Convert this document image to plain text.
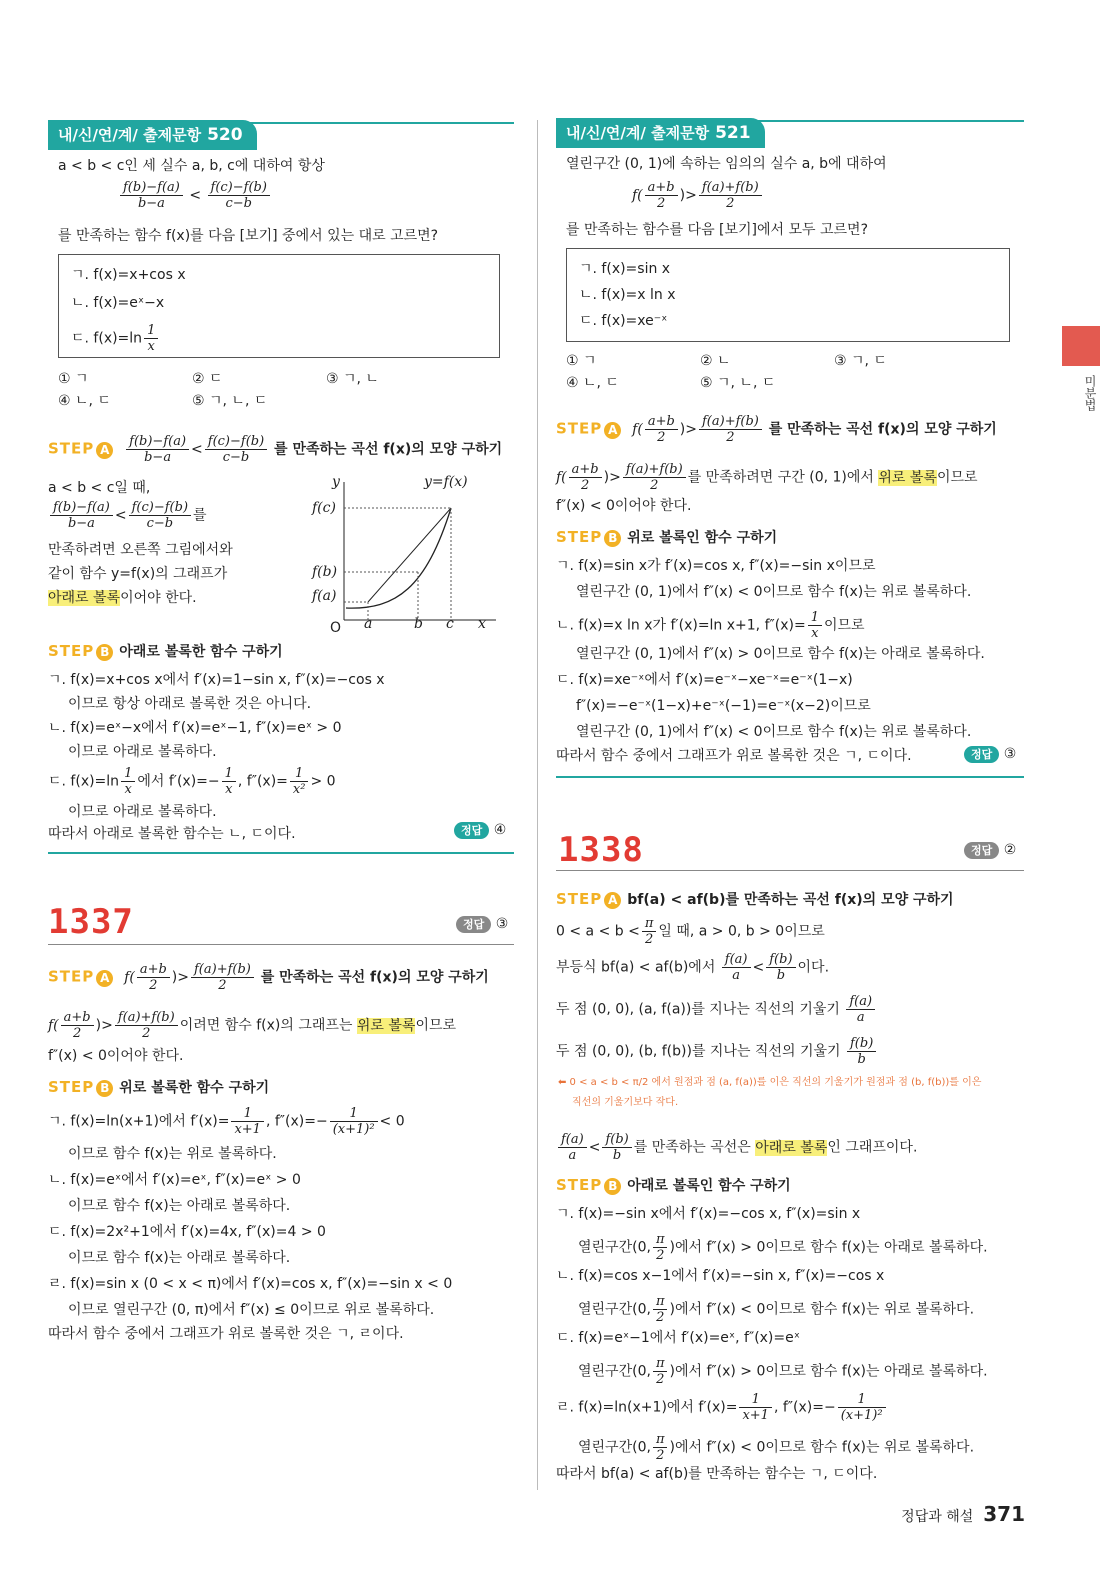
내/신/연/계/ 출제문항 520
a < b < c인 세 실수 a, b, c에 대하여 항상
$\frac{f(b)-f(a)}{b-a} < \frac{f(c)-f(b)}{c-b}$
를 만족하는 함수 f(x)를 다음 [보기] 중에서 있는 대로 고르면?
ㄱ. f(x)=x+cos x
ㄴ. f(x)=eˣ−x
ㄷ. $f(x)=\ln \frac{1}{x}$
① ㄱ	② ㄷ	③ ㄱ, ㄴ
④ ㄴ, ㄷ	⑤ ㄱ, ㄴ, ㄷ
STEP A $\frac{f(b)-f(a)}{b-a} < \frac{f(c)-f(b)}{c-b}$ 를 만족하는 곡선 f(x)의 모양 구하기
a < b < c일 때,
$\frac{f(b)-f(a)}{b-a} < \frac{f(c)-f(b)}{c-b}$ 를
만족하려면 오른쪽 그림에서와
같이 함수 y=f(x)의 그래프가
아래로 볼록이어야 한다.
y	y=f(x)
f(c)
f(b)
f(a)
O a	b c x
STEP B 아래로 볼록한 함수 구하기
ㄱ. f(x)=x+cos x에서 f′(x)=1−sin x, f″(x)=−cos x
이므로 항상 아래로 볼록한 것은 아니다.
ㄴ. f(x)=eˣ−x에서 f′(x)=eˣ−1, f″(x)=eˣ > 0
이므로 아래로 볼록하다.
ㄷ. $f(x)=\ln \frac{1}{x}$ 에서 $f'(x)=- \frac{1}{x}$ , $f''(x)= \frac{1}{\text{x²}} > 0$
이므로 아래로 볼록하다.
따라서 아래로 볼록한 함수는 ㄴ, ㄷ이다.	정답 ④
1337	정답 ③
STEP A $f( \frac{a+b}{2}$ )> $\frac{f(a)+f(b)}{2}$ 를 만족하는 곡선 f(x)의 모양 구하기
$f( \frac{a+b}{2}$ )> $\frac{f(a)+f(b)}{2}$ 이려면 함수 f(x)의 그래프는 위로 볼록이므로
f″(x) < 0이어야 한다.
STEP B 위로 볼록한 함수 구하기
ㄱ. f(x)=ln(x+1)에서 $f'(x)= \frac{1}{x+1}$ , $f''(x)=- \frac{1}{\text{(x+1)²}} < 0$
이므로 함수 f(x)는 위로 볼록하다.
ㄴ. f(x)=eˣ에서 f′(x)=eˣ, f″(x)=eˣ > 0
이므로 함수 f(x)는 아래로 볼록하다.
ㄷ. f(x)=2x²+1에서 f′(x)=4x, f″(x)=4 > 0
이므로 함수 f(x)는 아래로 볼록하다.
ㄹ. f(x)=sin x (0 < x < π)에서 f′(x)=cos x, f″(x)=−sin x < 0
이므로 열린구간 (0, π)에서 f″(x) ≤ 0이므로 위로 볼록하다.
따라서 함수 중에서 그래프가 위로 볼록한 것은 ㄱ, ㄹ이다.
내/신/연/계/ 출제문항 521
열린구간 (0, 1)에 속하는 임의의 실수 a, b에 대하여
$f( \frac{a+b}{2}$ )> $\frac{f(a)+f(b)}{2}$
를 만족하는 함수를 다음 [보기]에서 모두 고르면?
ㄱ. f(x)=sin x
ㄴ. f(x)=x ln x
ㄷ. f(x)=xe⁻ˣ
① ㄱ	② ㄴ	③ ㄱ, ㄷ
④ ㄴ, ㄷ	⑤ ㄱ, ㄴ, ㄷ
STEP A $f( \frac{a+b}{2}$ )> $\frac{f(a)+f(b)}{2}$ 를 만족하는 곡선 f(x)의 모양 구하기
$f( \frac{a+b}{2}$ )> $\frac{f(a)+f(b)}{2}$ 를 만족하려면 구간 (0, 1)에서 위로 볼록이므로
f″(x) < 0이어야 한다.
STEP B 위로 볼록인 함수 구하기
ㄱ. f(x)=sin x가 f′(x)=cos x, f″(x)=−sin x이므로
열린구간 (0, 1)에서 f″(x) < 0이므로 함수 f(x)는 위로 볼록하다.
ㄴ. f(x)=x ln x가 f′(x)=ln x+1, $f''(x)= \frac{1}{x}$ 이므로
열린구간 (0, 1)에서 f″(x) > 0이므로 함수 f(x)는 아래로 볼록하다.
ㄷ. f(x)=xe⁻ˣ에서 f′(x)=e⁻ˣ−xe⁻ˣ=e⁻ˣ(1−x)
f″(x)=−e⁻ˣ(1−x)+e⁻ˣ(−1)=e⁻ˣ(x−2)이므로
열린구간 (0, 1)에서 f″(x) < 0이므로 함수 f(x)는 위로 볼록하다.
따라서 함수 중에서 그래프가 위로 볼록한 것은 ㄱ, ㄷ이다.	정답 ③
1338	정답 ②
STEP A bf(a) < af(b)를 만족하는 곡선 f(x)의 모양 구하기
$0 < a < b < \frac{\pi}{2}$ 일 때, a > 0, b > 0이므로
부등식 bf(a) < af(b)에서 $\frac{f(a)}{a} < \frac{f(b)}{b}$ 이다.
두 점 (0, 0), (a, f(a))를 지나는 직선의 기울기 $\frac{f(a)}{a}$
두 점 (0, 0), (b, f(b))를 지나는 직선의 기울기 $\frac{f(b)}{b}$
⬅ 0 < a < b < π/2 에서 원점과 점 (a, f(a))를 이은 직선의 기울기가 원점과 점 (b, f(b))를 이은
직선의 기울기보다 작다.
$\frac{f(a)}{a} < \frac{f(b)}{b}$ 를 만족하는 곡선은 아래로 볼록인 그래프이다.
STEP B 아래로 볼록인 함수 구하기
ㄱ. f(x)=−sin x에서 f′(x)=−cos x, f″(x)=sin x
열린구간(0, $\frac{\pi}{2}$ )에서 f″(x) > 0이므로 함수 f(x)는 아래로 볼록하다.
ㄴ. f(x)=cos x−1에서 f′(x)=−sin x, f″(x)=−cos x
열린구간(0, $\frac{\pi}{2}$ )에서 f″(x) < 0이므로 함수 f(x)는 위로 볼록하다.
ㄷ. f(x)=eˣ−1에서 f′(x)=eˣ, f″(x)=eˣ
열린구간(0, $\frac{\pi}{2}$ )에서 f″(x) > 0이므로 함수 f(x)는 아래로 볼록하다.
ㄹ. f(x)=ln(x+1)에서 $f'(x)= \frac{1}{x+1}$ , $f''(x)=- \frac{1}{\text{(x+1)²}}$
열린구간(0, $\frac{\pi}{2}$ )에서 f″(x) < 0이므로 함수 f(x)는 위로 볼록하다.
따라서 bf(a) < af(b)를 만족하는 함수는 ㄱ, ㄷ이다.
미분법
정답과 해설 371
